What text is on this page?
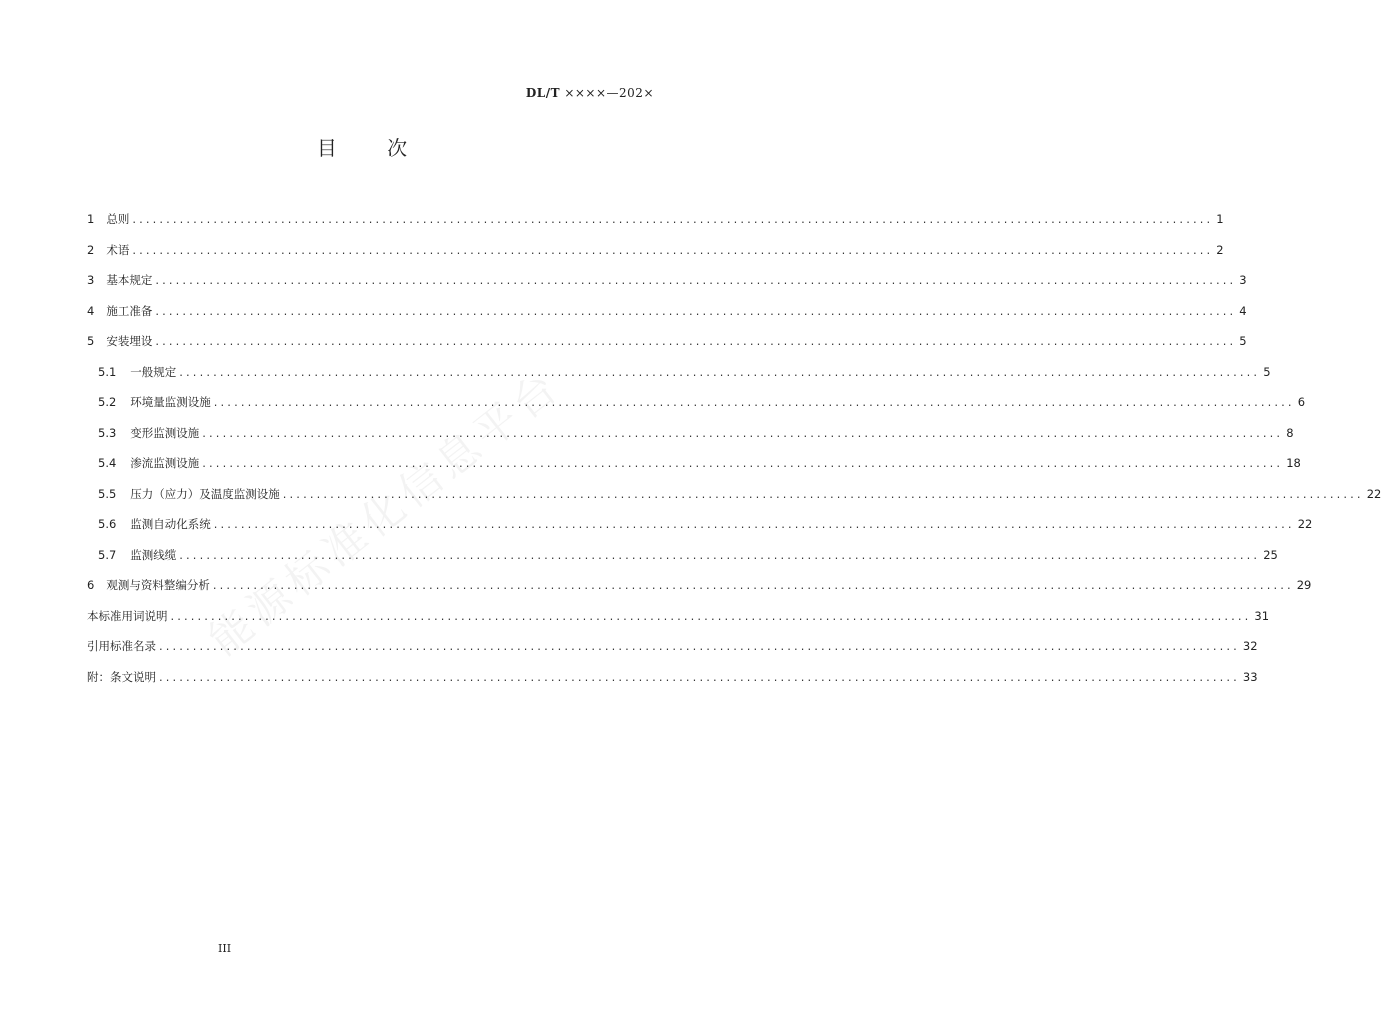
DL/T ××××—202×
目 次
1 总则 ................................................................................................................................................................ 1
2 术语 ................................................................................................................................................................ 2
3 基本规定 ................................................................................................................................................................ 3
4 施工准备 ................................................................................................................................................................ 4
5 安装埋设 ................................................................................................................................................................ 5
5.1 一般规定 ................................................................................................................................................................ 5
5.2 环境量监测设施 ................................................................................................................................................................ 6
5.3 变形监测设施 ................................................................................................................................................................ 8
5.4 渗流监测设施 ................................................................................................................................................................ 18
5.5 压力（应力）及温度监测设施 ................................................................................................................................................................ 22
5.6 监测自动化系统 ................................................................................................................................................................ 22
5.7 监测线缆 ................................................................................................................................................................ 25
6 观测与资料整编分析 ................................................................................................................................................................ 29
本标准用词说明 ................................................................................................................................................................ 31
引用标准名录 ................................................................................................................................................................ 32
附：条文说明 ................................................................................................................................................................ 33
III
